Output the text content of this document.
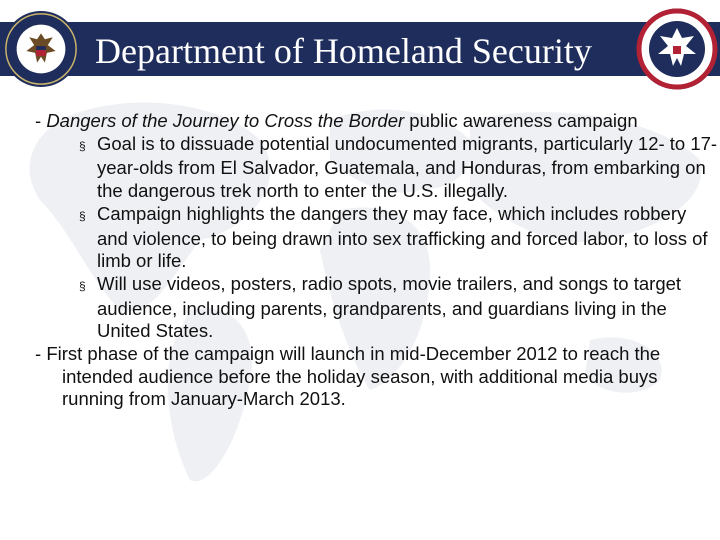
Department of Homeland Security

- Dangers of the Journey to Cross the Border public awareness campaign

§ Goal is to dissuade potential undocumented migrants, particularly 12- to 17-year-olds from El Salvador, Guatemala, and Honduras, from embarking on the dangerous trek north to enter the U.S. illegally.

§ Campaign highlights the dangers they may face, which includes robbery and violence, to being drawn into sex trafficking and forced labor, to loss of limb or life.

§ Will use videos, posters, radio spots, movie trailers, and songs to target audience, including parents, grandparents, and guardians living in the United States.

- First phase of the campaign will launch in mid-December 2012 to reach the intended audience before the holiday season, with additional media buys running from January-March 2013.
